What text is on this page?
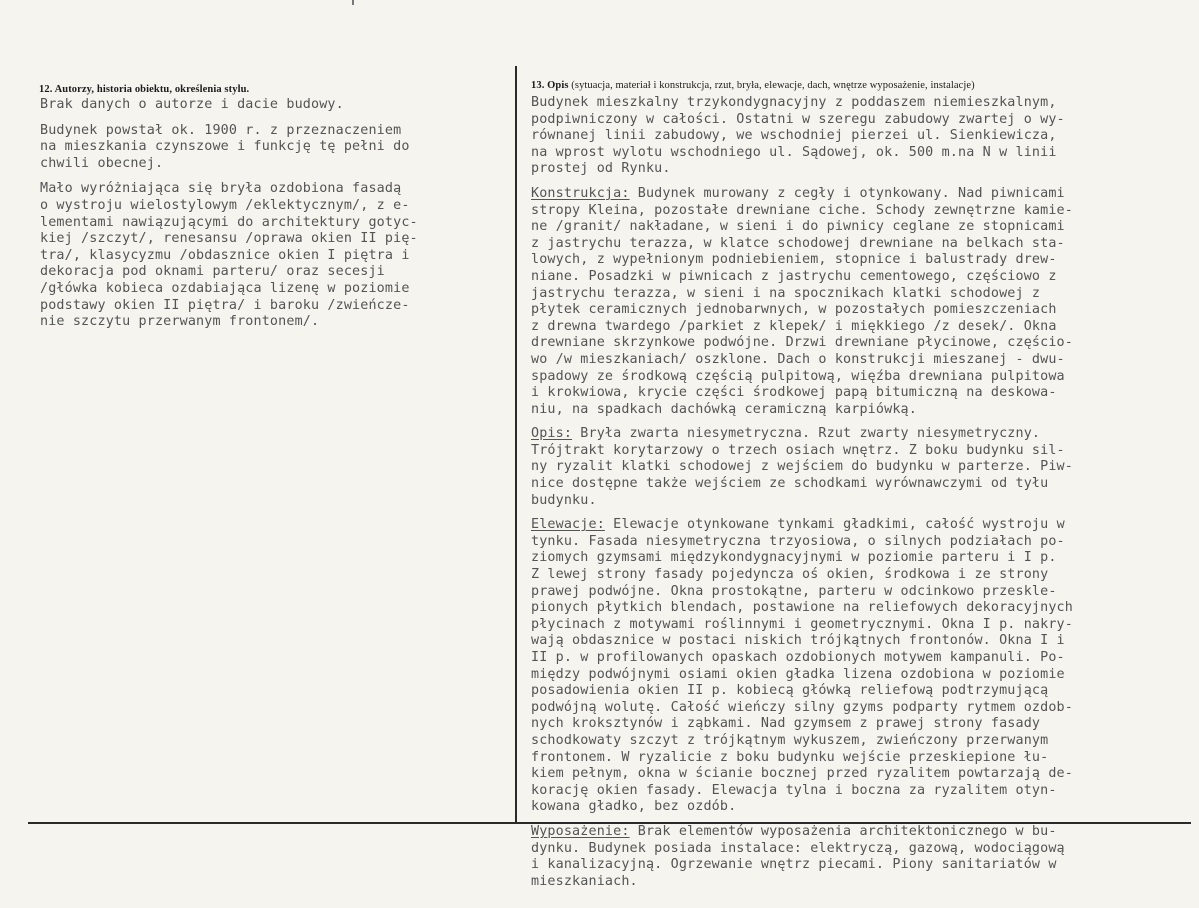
12. Autorzy, historia obiektu, określenia stylu.	13. Opis (sytuacja, materiał i konstrukcja, rzut, bryła, elewacje, dach, wnętrze wyposażenie, instalacje)
Brak danych o autorze i dacie budowy.
Budynek powstał ok. 1900 r. z przeznaczeniem
na mieszkania czynszowe i funkcję tę pełni do
chwili obecnej.
Mało wyróżniająca się bryła ozdobiona fasadą
o wystroju wielostylowym /eklektycznym/, z e-
lementami nawiązującymi do architektury gotyc-
kiej /szczyt/, renesansu /oprawa okien II pię-
tra/, klasycyzmu /obdasznice okien I piętra i
dekoracja pod oknami parteru/ oraz secesji
/główka kobieca ozdabiająca lizenę w poziomie
podstawy okien II piętra/ i baroku /zwieńcze-
nie szczytu przerwanym frontonem/.
Budynek mieszkalny trzykondygnacyjny z poddaszem niemieszkalnym,
podpiwniczony w całości. Ostatni w szeregu zabudowy zwartej o wy-
równanej linii zabudowy, we wschodniej pierzei ul. Sienkiewicza,
na wprost wylotu wschodniego ul. Sądowej, ok. 500 m.na N w linii
prostej od Rynku.
Konstrukcja: Budynek murowany z cegły i otynkowany. Nad piwnicami
stropy Kleina, pozostałe drewniane ciche. Schody zewnętrzne kamie-
ne /granit/ nakładane, w sieni i do piwnicy ceglane ze stopnicami
z jastrychu terazza, w klatce schodowej drewniane na belkach sta-
lowych, z wypełnionym podniebieniem, stopnice i balustrady drew-
niane. Posadzki w piwnicach z jastrychu cementowego, częściowo z
jastrychu terazza, w sieni i na spocznikach klatki schodowej z
płytek ceramicznych jednobarwnych, w pozostałych pomieszczeniach
z drewna twardego /parkiet z klepek/ i miękkiego /z desek/. Okna
drewniane skrzynkowe podwójne. Drzwi drewniane płycinowe, częścio-
wo /w mieszkaniach/ oszklone. Dach o konstrukcji mieszanej - dwu-
spadowy ze środkową częścią pulpitową, więźba drewniana pulpitowa
i krokwiowa, krycie części środkowej papą bitumiczną na deskowa-
niu, na spadkach dachówką ceramiczną karpiówką.
Opis: Bryła zwarta niesymetryczna. Rzut zwarty niesymetryczny.
Trójtrakt korytarzowy o trzech osiach wnętrz. Z boku budynku sil-
ny ryzalit klatki schodowej z wejściem do budynku w parterze. Piw-
nice dostępne także wejściem ze schodkami wyrównawczymi od tyłu
budynku.
Elewacje: Elewacje otynkowane tynkami gładkimi, całość wystroju w
tynku. Fasada niesymetryczna trzyosiowa, o silnych podziałach po-
ziomych gzymsami międzykondygnacyjnymi w poziomie parteru i I p.
Z lewej strony fasady pojedyncza oś okien, środkowa i ze strony
prawej podwójne. Okna prostokątne, parteru w odcinkowo przeskle-
pionych płytkich blendach, postawione na reliefowych dekoracyjnych
płycinach z motywami roślinnymi i geometrycznymi. Okna I p. nakry-
wają obdasznice w postaci niskich trójkątnych frontonów. Okna I i
II p. w profilowanych opaskach ozdobionych motywem kampanuli. Po-
między podwójnymi osiami okien gładka lizena ozdobiona w poziomie
posadowienia okien II p. kobiecą główką reliefową podtrzymującą
podwójną wolutę. Całość wieńczy silny gzyms podparty rytmem ozdob-
nych kroksztynów i ząbkami. Nad gzymsem z prawej strony fasady
schodkowaty szczyt z trójkątnym wykuszem, zwieńczony przerwanym
frontonem. W ryzalicie z boku budynku wejście przeskiepione łu-
kiem pełnym, okna w ścianie bocznej przed ryzalitem powtarzają de-
korację okien fasady. Elewacja tylna i boczna za ryzalitem otyn-
kowana gładko, bez ozdób.
Wyposażenie: Brak elementów wyposażenia architektonicznego w bu-
dynku. Budynek posiada instalace: elektryczą, gazową, wodociągową
i kanalizacyjną. Ogrzewanie wnętrz piecami. Piony sanitariatów w
mieszkaniach.
